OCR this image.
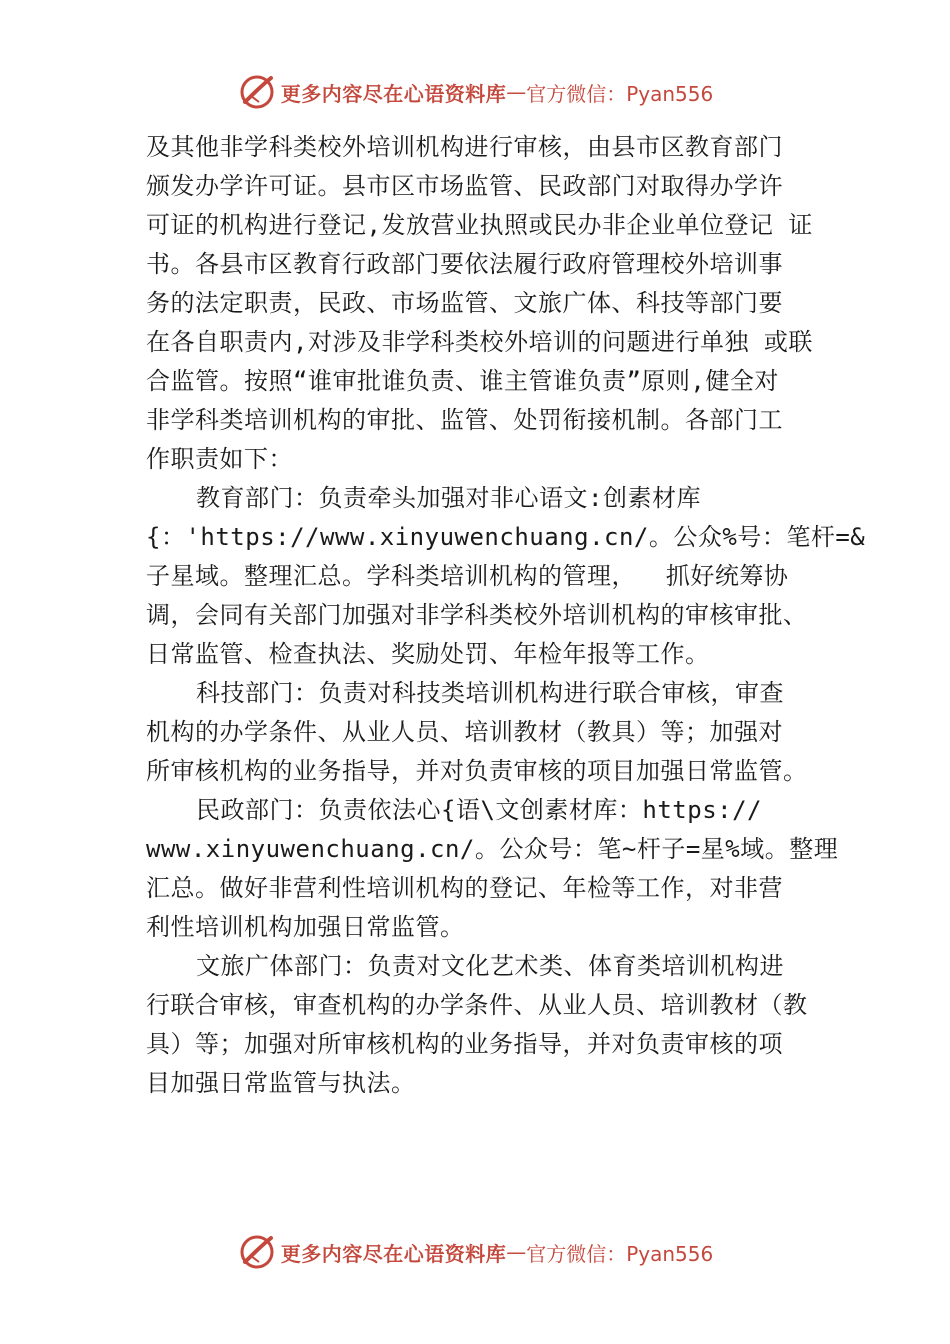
更多内容尽在心语资料库 — 官方微信：Pyan556
及其他非学科类校外培训机构进行审核，由县市区教育部门
颁发办学许可证。县市区市场监管、民政部门对取得办学许
可证的机构进行登记,发放营业执照或民办非企业单位登记 证
书。各县市区教育行政部门要依法履行政府管理校外培训事
务的法定职责，民政、市场监管、文旅广体、科技等部门要
在各自职责内,对涉及非学科类校外培训的问题进行单独 或联
合监管。按照“谁审批谁负责、谁主管谁负责”原则,健全对
非学科类培训机构的审批、监管、处罚衔接机制。各部门工
作职责如下：
教育部门：负责牵头加强对非心语文:创素材库
{：'https://www.xinyuwenchuang.cn/。公众%号：笔杆=&
子星域。整理汇总。学科类培训机构的管理，  抓好统筹协
调，会同有关部门加强对非学科类校外培训机构的审核审批、
日常监管、检查执法、奖励处罚、年检年报等工作。
科技部门：负责对科技类培训机构进行联合审核，审查
机构的办学条件、从业人员、培训教材（教具）等；加强对
所审核机构的业务指导，并对负责审核的项目加强日常监管。
民政部门：负责依法心{语\文创素材库：https://
www.xinyuwenchuang.cn/。公众号：笔~杆子=星%域。整理
汇总。做好非营利性培训机构的登记、年检等工作，对非营
利性培训机构加强日常监管。
文旅广体部门：负责对文化艺术类、体育类培训机构进
行联合审核，审查机构的办学条件、从业人员、培训教材（教
具）等；加强对所审核机构的业务指导，并对负责审核的项
目加强日常监管与执法。
更多内容尽在心语资料库 — 官方微信：Pyan556
